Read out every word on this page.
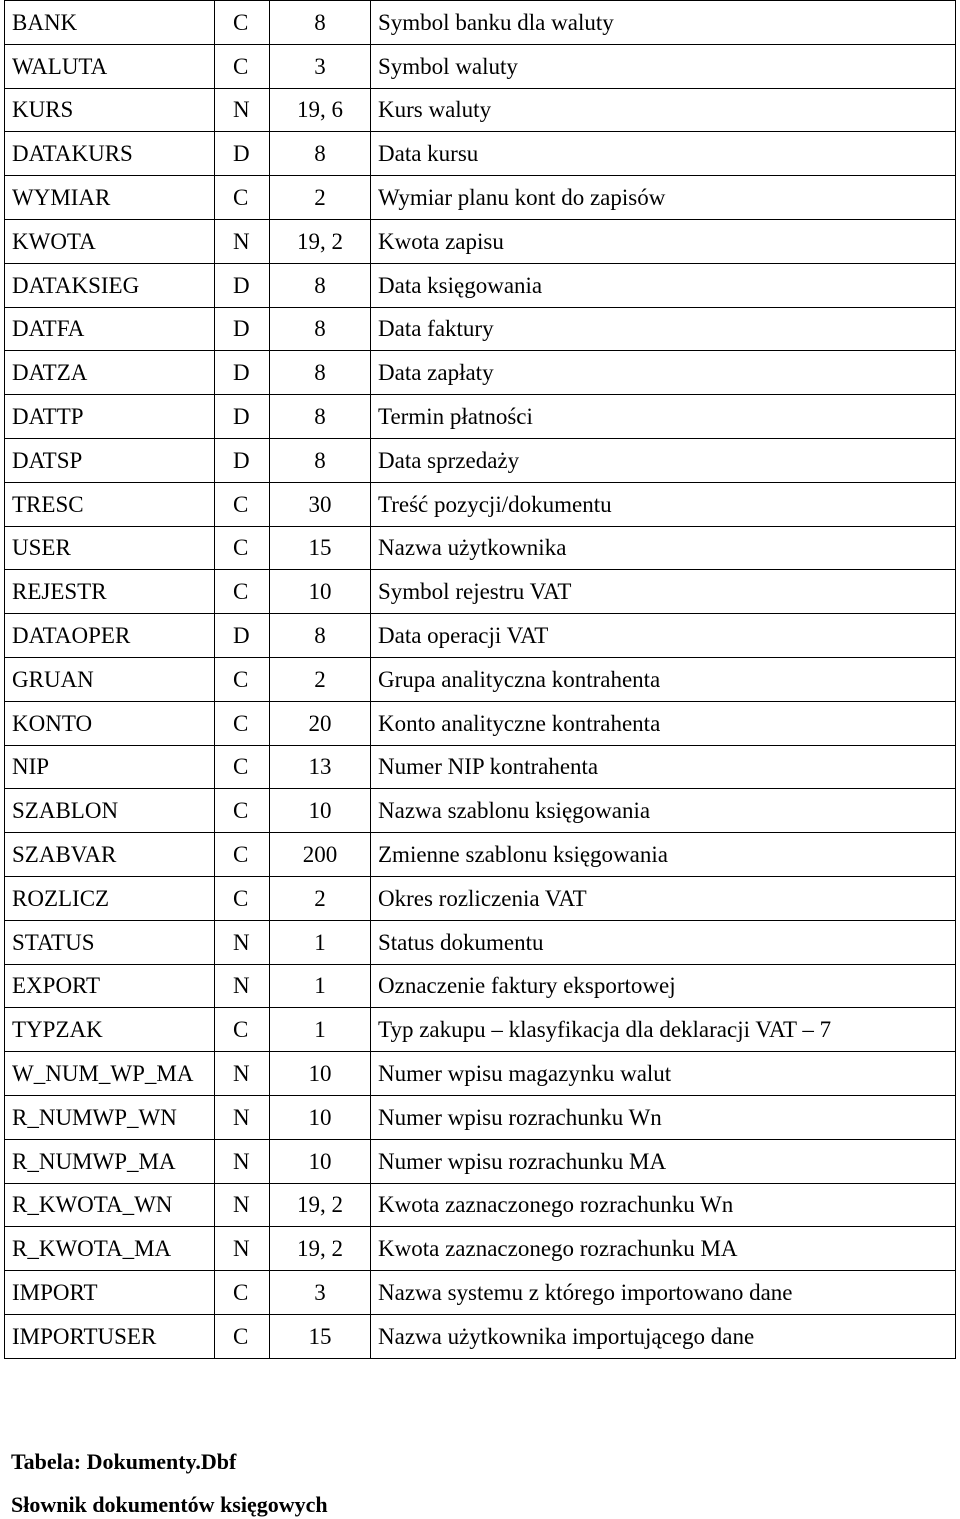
BANK	C	8	Symbol banku dla waluty
WALUTA	C	3	Symbol waluty
KURS	N	19, 6	Kurs waluty
DATAKURS	D	8	Data kursu
WYMIAR	C	2	Wymiar planu kont do zapisów
KWOTA	N	19, 2	Kwota zapisu
DATAKSIEG	D	8	Data księgowania
DATFA	D	8	Data faktury
DATZA	D	8	Data zapłaty
DATTP	D	8	Termin płatności
DATSP	D	8	Data sprzedaży
TRESC	C	30	Treść pozycji/dokumentu
USER	C	15	Nazwa użytkownika
REJESTR	C	10	Symbol rejestru VAT
DATAOPER	D	8	Data operacji VAT
GRUAN	C	2	Grupa analityczna kontrahenta
KONTO	C	20	Konto analityczne kontrahenta
NIP	C	13	Numer NIP kontrahenta
SZABLON	C	10	Nazwa szablonu księgowania
SZABVAR	C	200	Zmienne szablonu księgowania
ROZLICZ	C	2	Okres rozliczenia VAT
STATUS	N	1	Status dokumentu
EXPORT	N	1	Oznaczenie faktury eksportowej
TYPZAK	C	1	Typ zakupu – klasyfikacja dla deklaracji VAT – 7
W_NUM_WP_MA	N	10	Numer wpisu magazynku walut
R_NUMWP_WN	N	10	Numer wpisu rozrachunku Wn
R_NUMWP_MA	N	10	Numer wpisu rozrachunku MA
R_KWOTA_WN	N	19, 2	Kwota zaznaczonego rozrachunku Wn
R_KWOTA_MA	N	19, 2	Kwota zaznaczonego rozrachunku MA
IMPORT	C	3	Nazwa systemu z którego importowano dane
IMPORTUSER	C	15	Nazwa użytkownika importującego dane
Tabela: Dokumenty.Dbf
Słownik dokumentów księgowych
